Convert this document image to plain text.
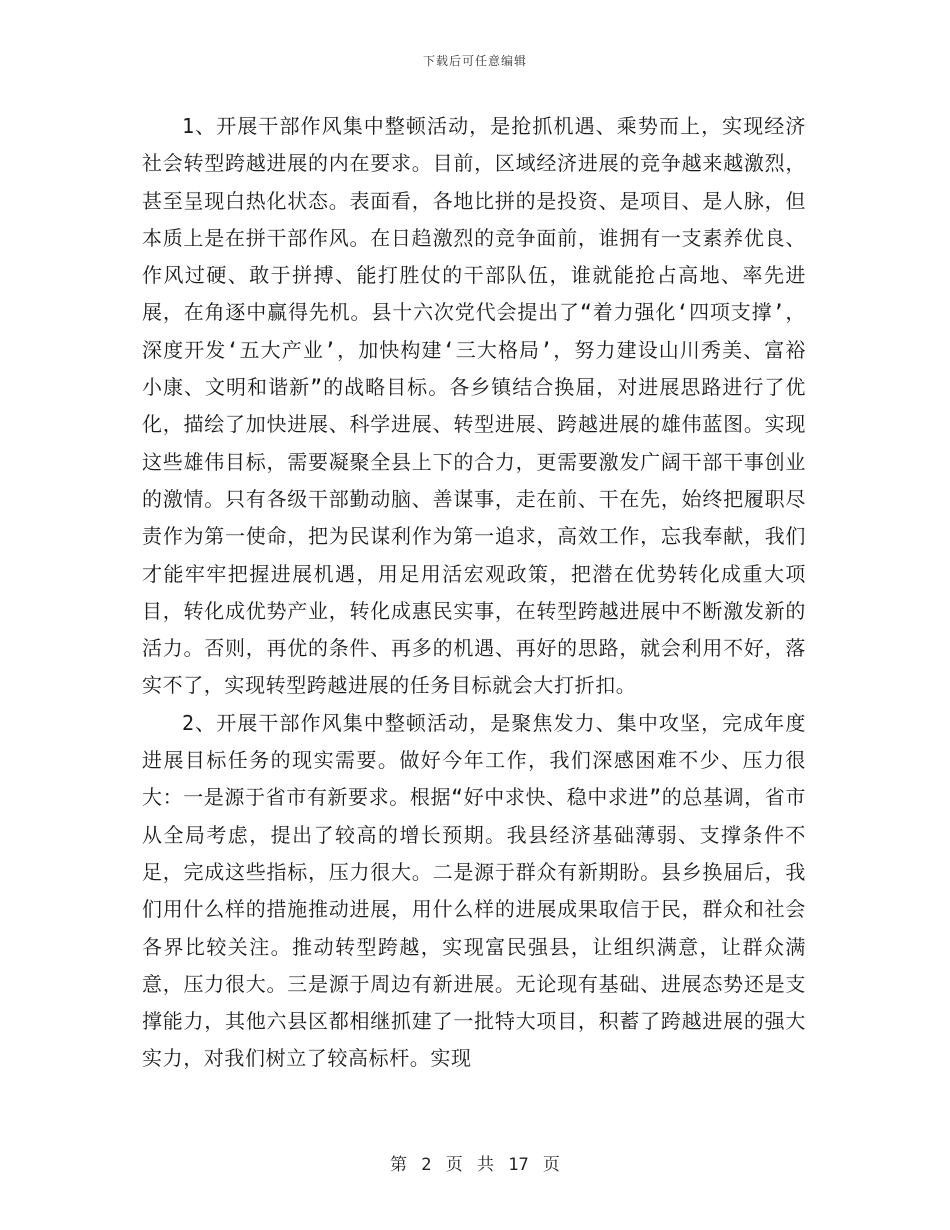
下载后可任意编辑

1、开展干部作风集中整顿活动，是抢抓机遇、乘势而上，实现经济社会转型跨越进展的内在要求。目前，区域经济进展的竞争越来越激烈，甚至呈现白热化状态。表面看，各地比拼的是投资、是项目、是人脉，但本质上是在拼干部作风。在日趋激烈的竞争面前，谁拥有一支素养优良、作风过硬、敢于拼搏、能打胜仗的干部队伍，谁就能抢占高地、率先进展，在角逐中赢得先机。县十六次党代会提出了“着力强化‘四项支撑’，深度开发‘五大产业’，加快构建‘三大格局’，努力建设山川秀美、富裕小康、文明和谐新”的战略目标。各乡镇结合换届，对进展思路进行了优化，描绘了加快进展、科学进展、转型进展、跨越进展的雄伟蓝图。实现这些雄伟目标，需要凝聚全县上下的合力，更需要激发广阔干部干事创业的激情。只有各级干部勤动脑、善谋事，走在前、干在先，始终把履职尽责作为第一使命，把为民谋利作为第一追求，高效工作，忘我奉献，我们才能牢牢把握进展机遇，用足用活宏观政策，把潜在优势转化成重大项目，转化成优势产业，转化成惠民实事，在转型跨越进展中不断激发新的活力。否则，再优的条件、再多的机遇、再好的思路，就会利用不好，落实不了，实现转型跨越进展的任务目标就会大打折扣。

2、开展干部作风集中整顿活动，是聚焦发力、集中攻坚，完成年度进展目标任务的现实需要。做好今年工作，我们深感困难不少、压力很大：一是源于省市有新要求。根据“好中求快、稳中求进”的总基调，省市从全局考虑，提出了较高的增长预期。我县经济基础薄弱、支撑条件不足，完成这些指标，压力很大。二是源于群众有新期盼。县乡换届后，我们用什么样的措施推动进展，用什么样的进展成果取信于民，群众和社会各界比较关注。推动转型跨越，实现富民强县，让组织满意，让群众满意，压力很大。三是源于周边有新进展。无论现有基础、进展态势还是支撑能力，其他六县区都相继抓建了一批特大项目，积蓄了跨越进展的强大实力，对我们树立了较高标杆。实现

第 2 页 共 17 页
